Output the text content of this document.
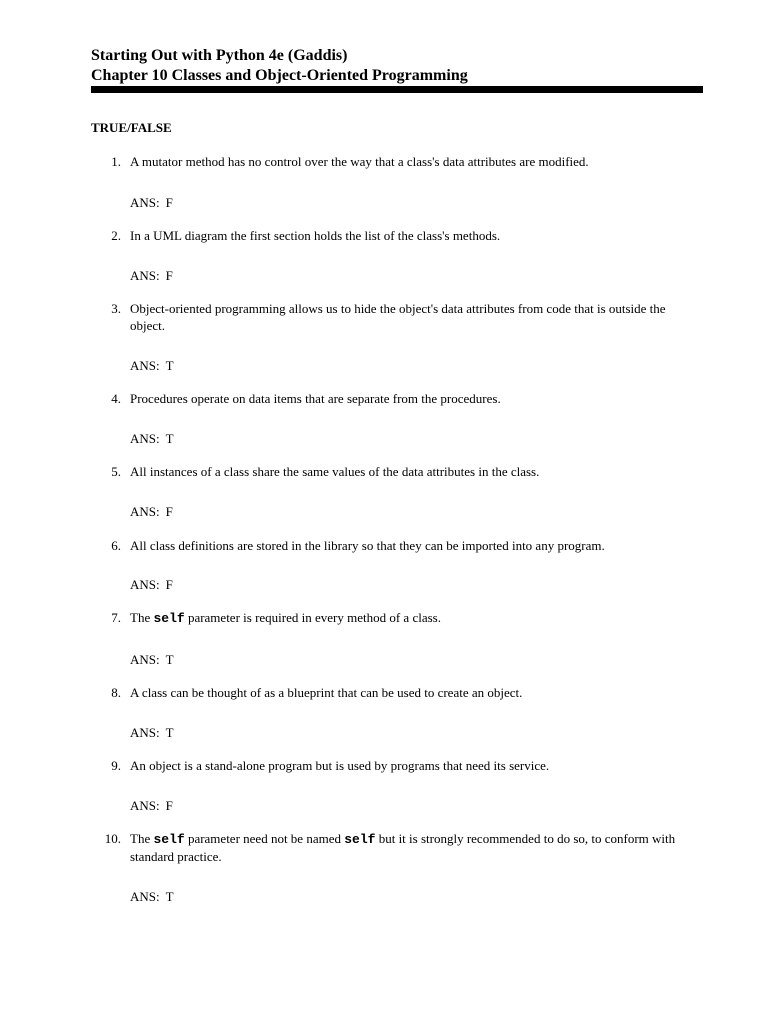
Starting Out with Python 4e (Gaddis)
Chapter 10 Classes and Object-Oriented Programming
TRUE/FALSE
1. A mutator method has no control over the way that a class's data attributes are modified.
ANS: F
2. In a UML diagram the first section holds the list of the class's methods.
ANS: F
3. Object-oriented programming allows us to hide the object's data attributes from code that is outside the object.
ANS: T
4. Procedures operate on data items that are separate from the procedures.
ANS: T
5. All instances of a class share the same values of the data attributes in the class.
ANS: F
6. All class definitions are stored in the library so that they can be imported into any program.
ANS: F
7. The self parameter is required in every method of a class.
ANS: T
8. A class can be thought of as a blueprint that can be used to create an object.
ANS: T
9. An object is a stand-alone program but is used by programs that need its service.
ANS: F
10. The self parameter need not be named self but it is strongly recommended to do so, to conform with standard practice.
ANS: T
